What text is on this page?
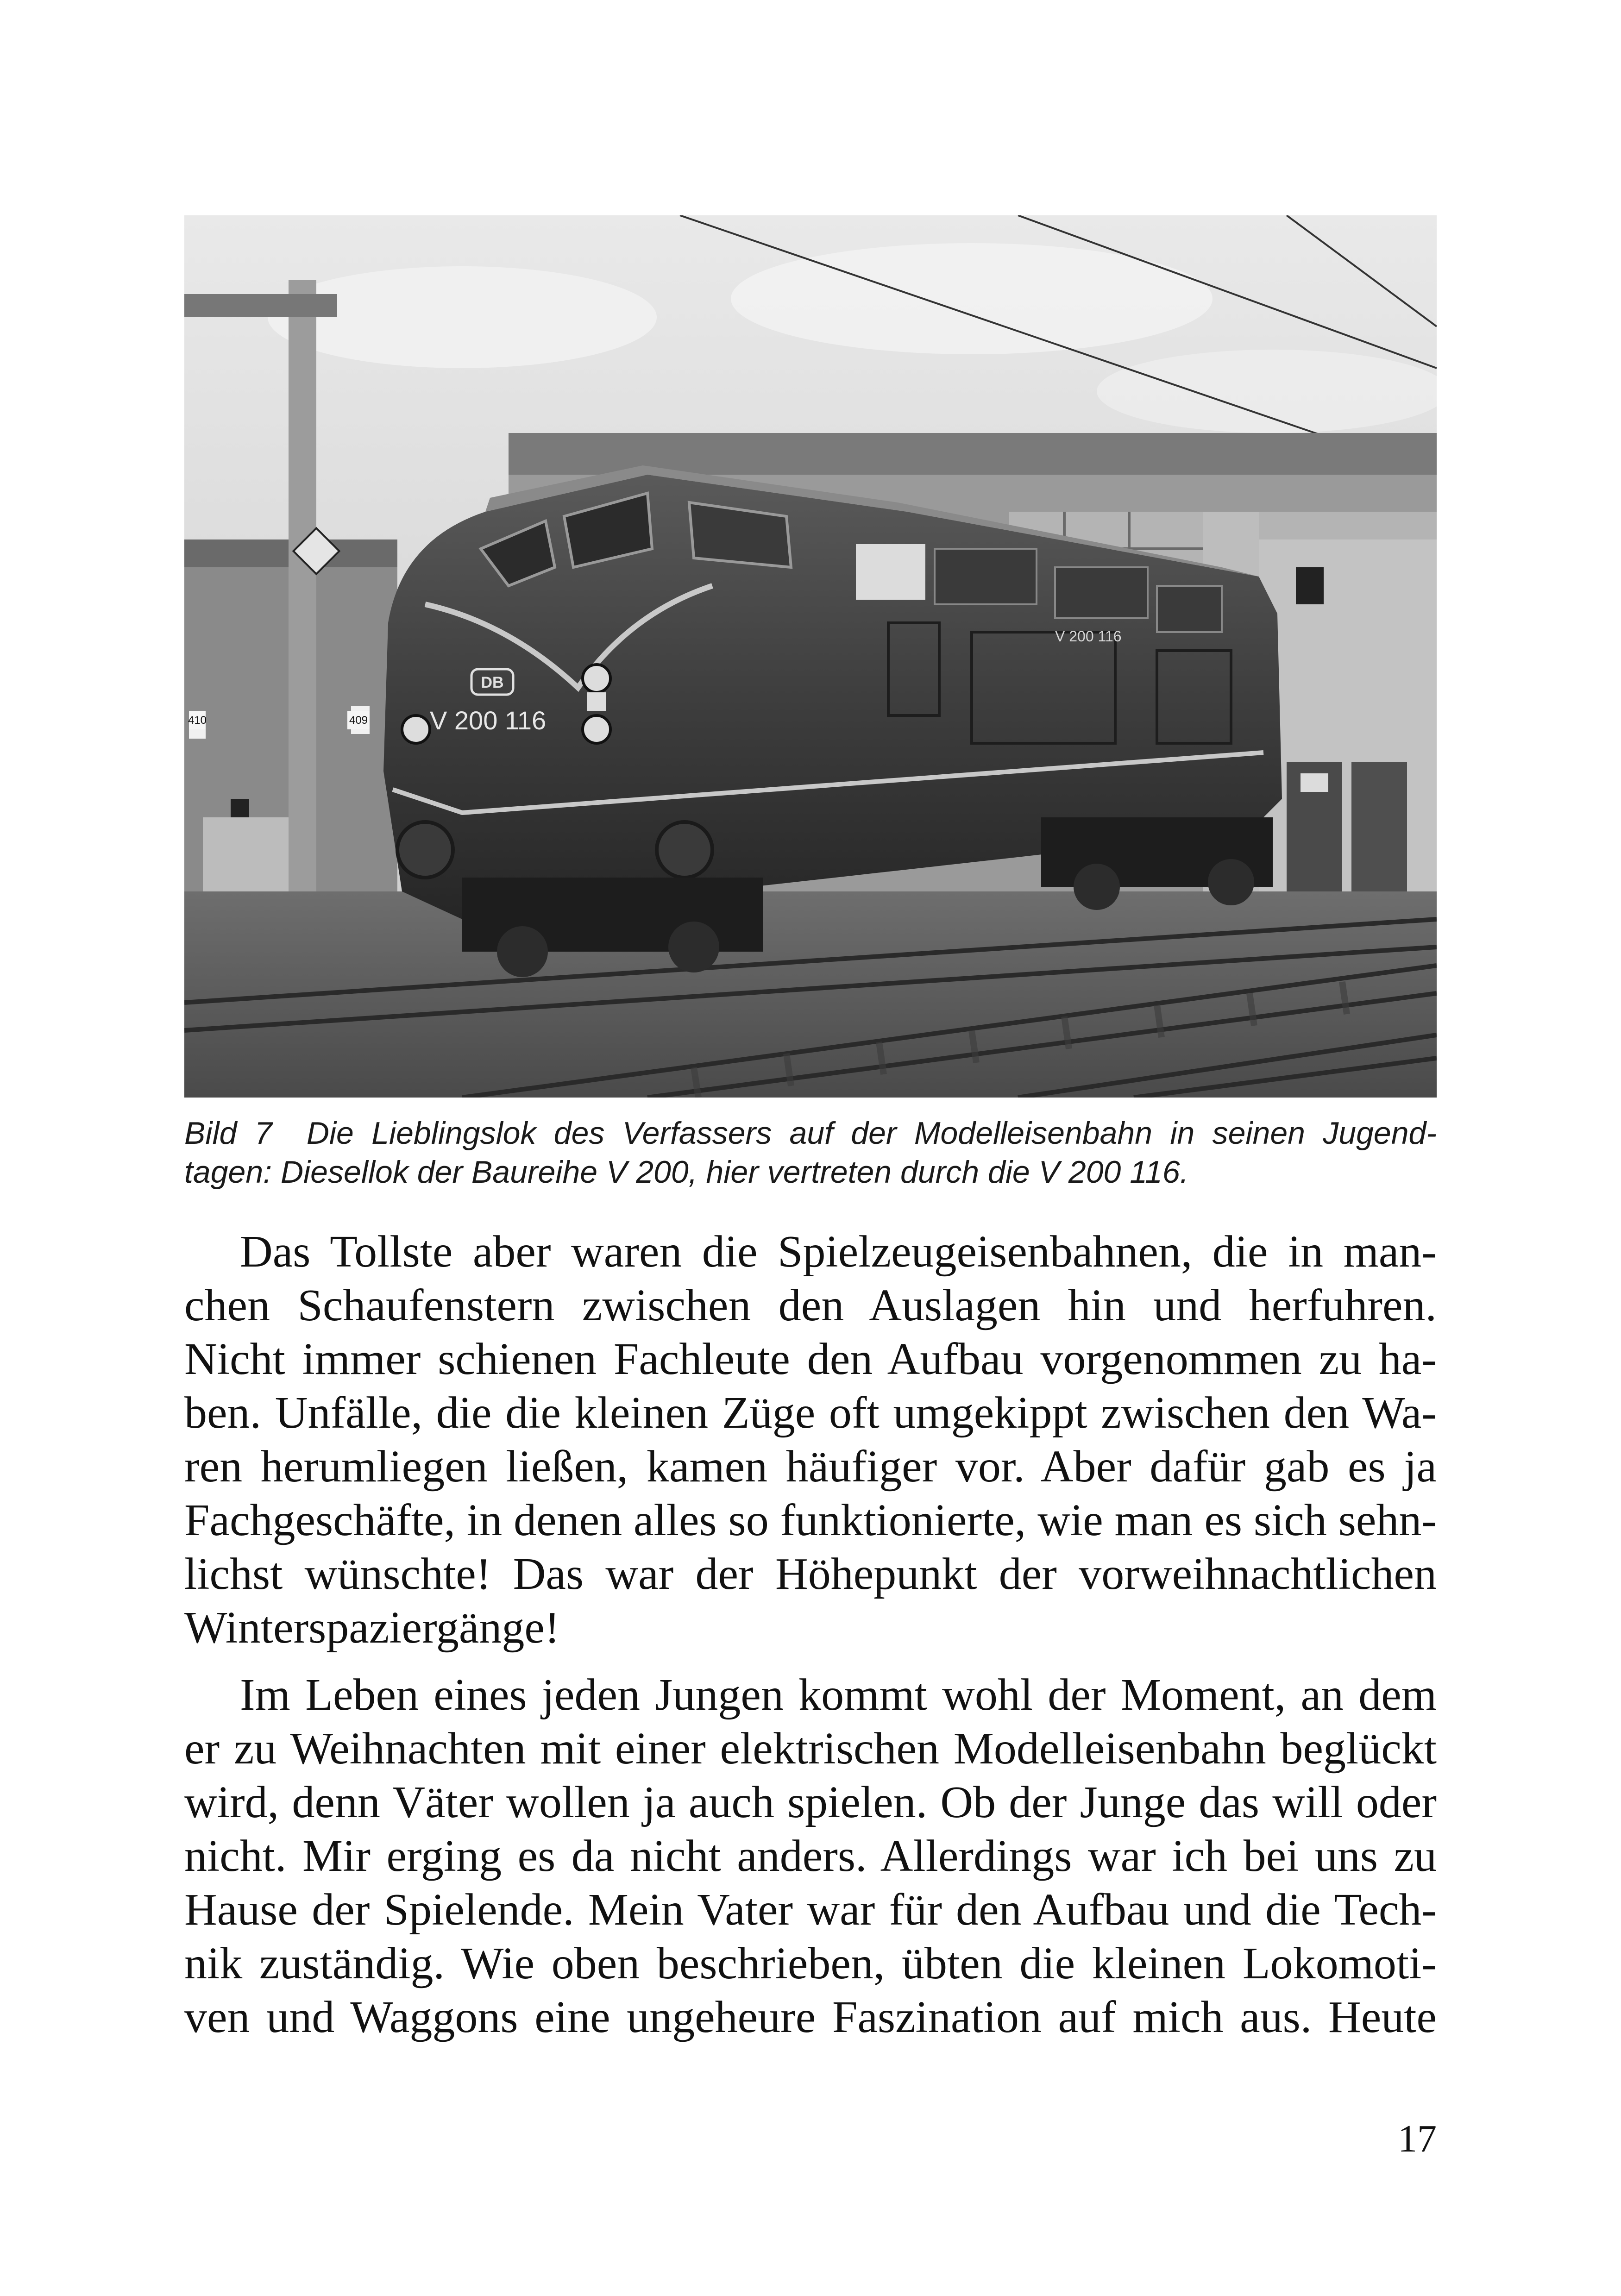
DB
V 200 116
V 200 116
410	409
Bild 7 Die Lieblingslok des Verfassers auf der Modelleisenbahn in seinen Jugend-
tagen: Diesellok der Baureihe V 200, hier vertreten durch die V 200 116.
Das Tollste aber waren die Spielzeugeisenbahnen, die in man-
chen Schaufenstern zwischen den Auslagen hin und herfuhren.
Nicht immer schienen Fachleute den Aufbau vorgenommen zu ha-
ben. Unfälle, die die kleinen Züge oft umgekippt zwischen den Wa-
ren herumliegen ließen, kamen häufiger vor. Aber dafür gab es ja
Fachgeschäfte, in denen alles so funktionierte, wie man es sich sehn-
lichst wünschte! Das war der Höhepunkt der vorweihnachtlichen
Winterspaziergänge!
Im Leben eines jeden Jungen kommt wohl der Moment, an dem
er zu Weihnachten mit einer elektrischen Modelleisenbahn beglückt
wird, denn Väter wollen ja auch spielen. Ob der Junge das will oder
nicht. Mir erging es da nicht anders. Allerdings war ich bei uns zu
Hause der Spielende. Mein Vater war für den Aufbau und die Tech-
nik zuständig. Wie oben beschrieben, übten die kleinen Lokomoti-
ven und Waggons eine ungeheure Faszination auf mich aus. Heute
17
